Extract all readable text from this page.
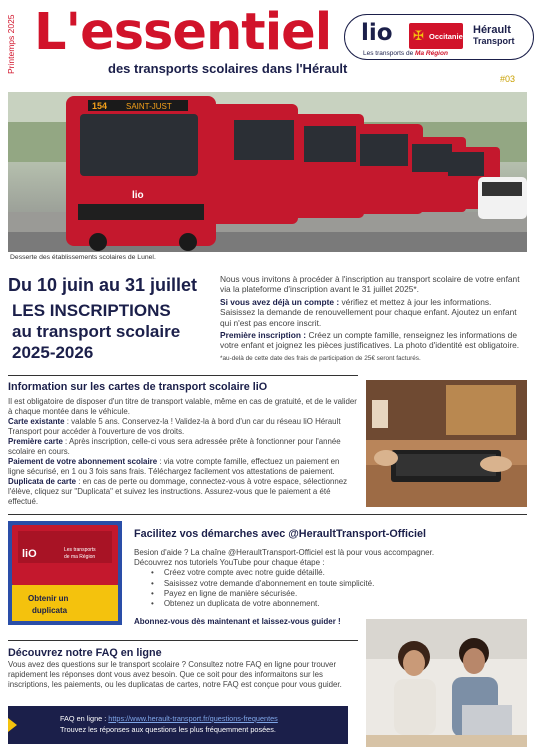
Printemps 2025 L'essentiel
des transports scolaires dans l'Hérault
lio
Les transports de Ma Région
✠ Occitanie
Hérault
Transport
#03
154 SAINT-JUST
lio
Desserte des établissements scolaires de Lunel.
Du 10 juin au 31 juillet
LES INSCRIPTIONS
au transport scolaire
2025-2026

Nous vous invitons à procéder à l'inscription au transport scolaire de votre enfant via la plateforme d'inscription avant le 31 juillet 2025*.

Si vous avez déjà un compte : vérifiez et mettez à jour les informations. Saisissez la demande de renouvellement pour chaque enfant. Ajoutez un enfant qui n'est pas encore inscrit.

Première inscription : Créez un compte famille, renseignez les informations de votre enfant et joignez les pièces justificatives. La photo d'identité est obligatoire.

*au-delà de cette date des frais de participation de 25€ seront facturés.

Information sur les cartes de transport scolaire liO
Il est obligatoire de disposer d'un titre de transport valable, même en cas de gratuité, et de le valider à chaque montée dans le véhicule.
Carte existante : valable 5 ans. Conservez-la ! Validez-la à bord d'un car du réseau liO Hérault Transport pour accéder à l'ouverture de vos droits.
Première carte : Après inscription, celle-ci vous sera adressée prête à fonctionner pour l'année scolaire en cours.
Paiement de votre abonnement scolaire : via votre compte famille, effectuez un paiement en ligne sécurisé, en 1 ou 3 fois sans frais. Téléchargez facilement vos attestations de paiement.
Duplicata de carte : en cas de perte ou dommage, connectez-vous à votre espace, sélectionnez l'élève, cliquez sur "Duplicata" et suivez les instructions. Assurez-vous que le paiement a été effectué.
liO	Les transports
de ma Région
Obtenir un
duplicata
Facilitez vos démarches avec @HeraultTransport-Officiel
Besion d'aide ? La chaîne @HeraultTransport-Officiel est là pour vous accompagner. Découvrez nos tutoriels YouTube pour chaque étape :
• Créez votre compte avec notre guide détaillé.
• Saisissez votre demande d'abonnement en toute simplicité.
• Payez en ligne de manière sécurisée.
• Obtenez un duplicata de votre abonnement.
Abonnez-vous dès maintenant et laissez-vous guider !
Découvrez notre FAQ en ligne
Vous avez des questions sur le transport scolaire ? Consultez notre FAQ en ligne pour trouver rapidement les réponses dont vous avez besoin. Que ce soit pour des informaitons sur les inscriptions, les paiements, ou les duplicatas de cartes, notre FAQ est conçue pour vous guider.
FAQ en ligne : https://www.herault-transport.fr/questions-frequentes
Trouvez les réponses aux questions les plus fréquemment posées.
